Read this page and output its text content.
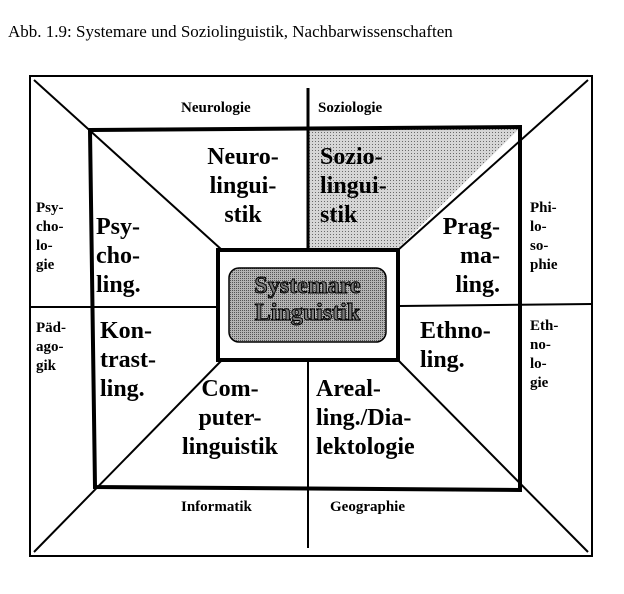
Abb. 1.9: Systemare und Soziolinguistik, Nachbarwissenschaften
Systemare
Linguistik
Neurologie	Soziologie
Psy-
cho-
lo-
gie
Päd-
ago-
gik
Phi-
lo-
so-
phie
Eth-
no-
lo-
gie
Informatik	Geographie
Neuro-
lingui-
stik
Sozio-
lingui-
stik
Psy-
cho-
ling.
Prag-
ma-
ling.
Kon-
trast-
ling.
Ethno-
ling.
Com-
puter-
linguistik
Areal-
ling./Dia-
lektologie
